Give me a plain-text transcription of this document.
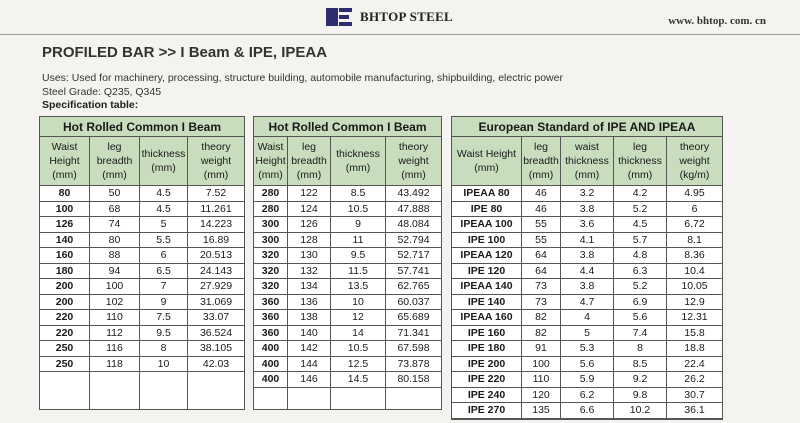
BHTOP STEEL	www. bhtop. com. cn
PROFILED BAR >> I Beam & IPE, IPEAA
Uses: Used for machinery, processing, structure building, automobile manufacturing, shipbuilding, electric power
Steel Grade: Q235, Q345
Specification table:
Hot Rolled Common I Beam			
Waist Height (mm)	leg breadth (mm)	thickness (mm)	theory weight (mm)
80	50	4.5	7.52
100	68	4.5	11.261
126	74	5	14.223
140	80	5.5	16.89
160	88	6	20.513
180	94	6.5	24.143
200	100	7	27.929
200	102	9	31.069
220	110	7.5	33.07
220	112	9.5	36.524
250	116	8	38.105
250	118	10	42.03

Hot Rolled Common I Beam			
Waist Height (mm)	leg breadth (mm)	thickness (mm)	theory weight (mm)
280	122	8.5	43.492
280	124	10.5	47.888
300	126	9	48.084
300	128	11	52.794
320	130	9.5	52.717
320	132	11.5	57.741
320	134	13.5	62.765
360	136	10	60.037
360	138	12	65.689
360	140	14	71.341
400	142	10.5	67.598
400	144	12.5	73.878
400	146	14.5	80.158

European Standard of IPE AND IPEAA				
Waist Height (mm)	leg breadth (mm)	waist thickness (mm)	leg thickness (mm)	theory weight (kg/m)
IPEAA 80	46	3.2	4.2	4.95
IPE 80	46	3.8	5.2	6
IPEAA 100	55	3.6	4.5	6.72
IPE 100	55	4.1	5.7	8.1
IPEAA 120	64	3.8	4.8	8.36
IPE 120	64	4.4	6.3	10.4
IPEAA 140	73	3.8	5.2	10.05
IPE 140	73	4.7	6.9	12.9
IPEAA 160	82	4	5.6	12.31
IPE 160	82	5	7.4	15.8
IPE 180	91	5.3	8	18.8
IPE 200	100	5.6	8.5	22.4
IPE 220	110	5.9	9.2	26.2
IPE 240	120	6.2	9.8	30.7
IPE 270	135	6.6	10.2	36.1
